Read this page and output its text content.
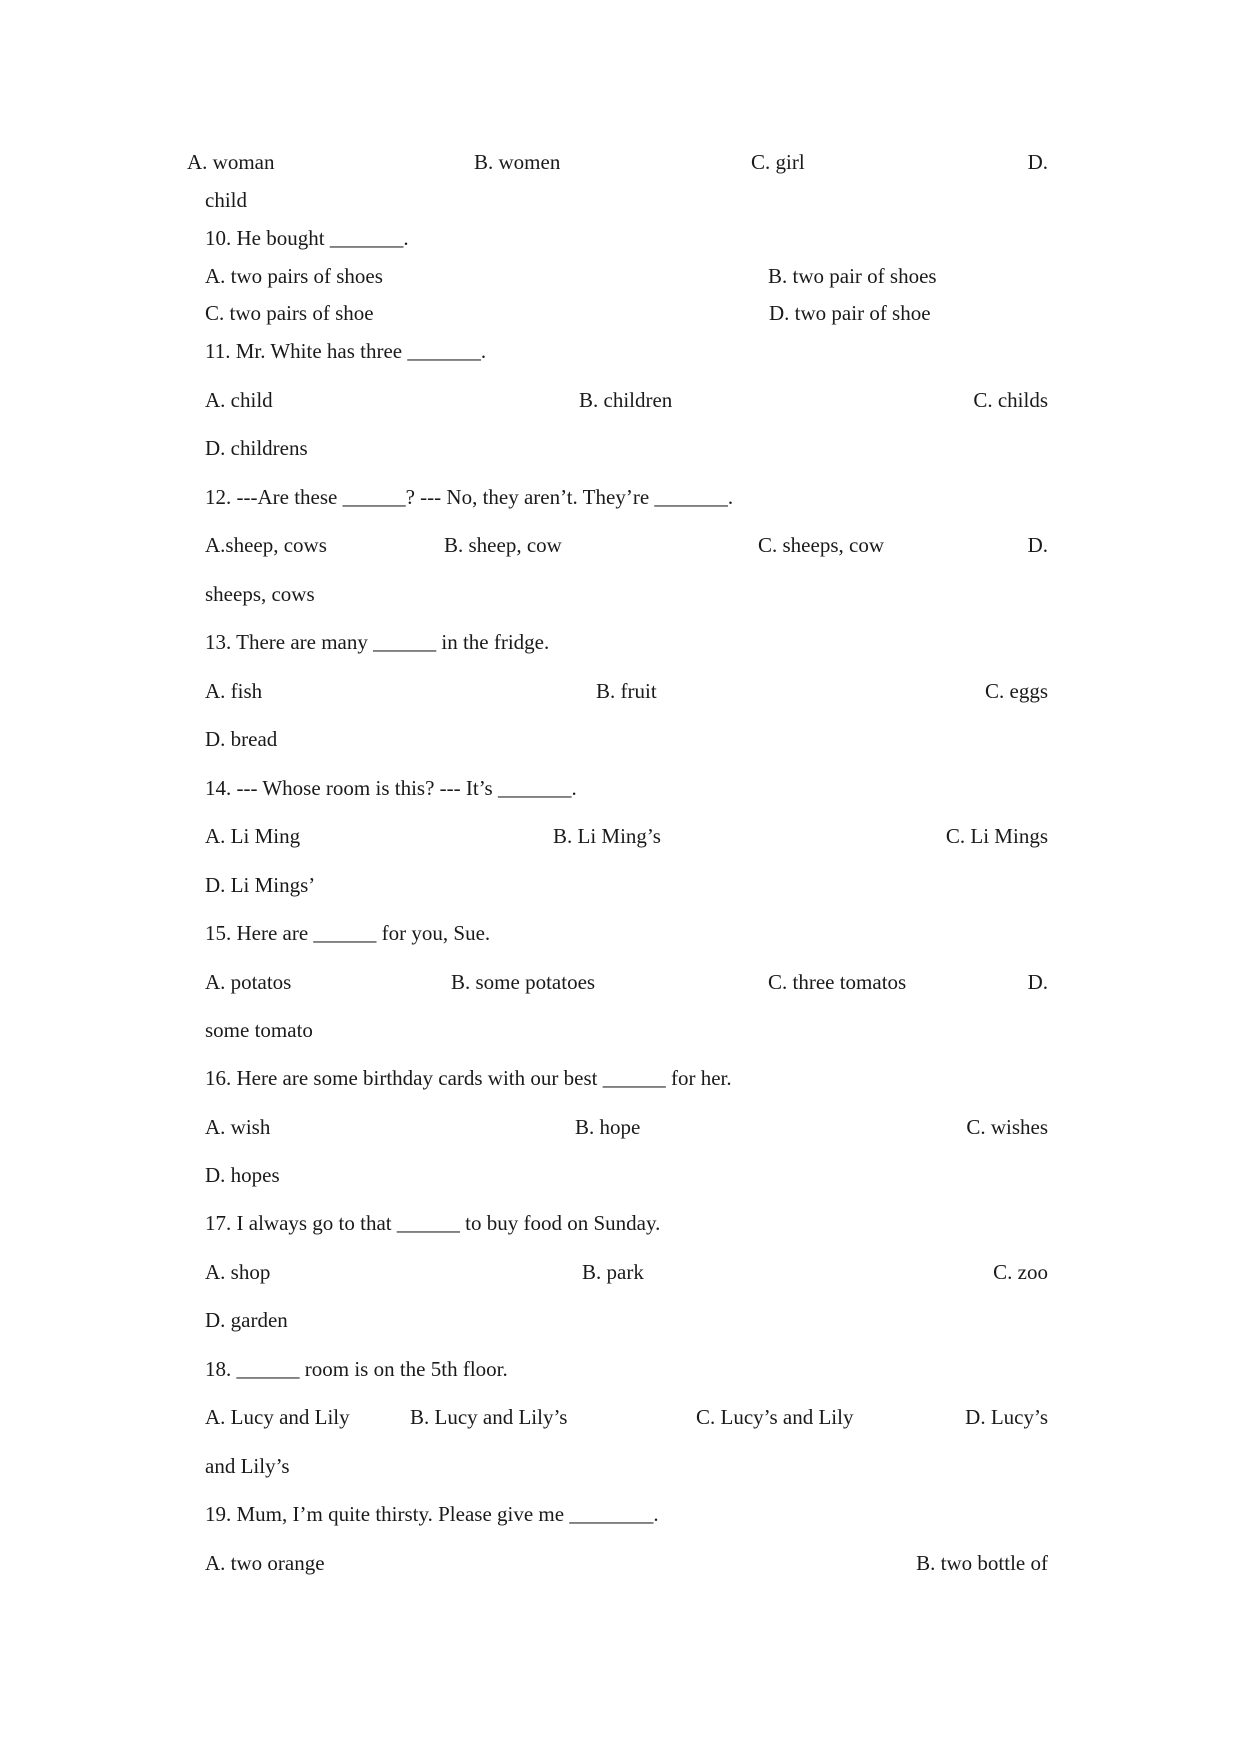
A. woman	B. women	C. girl	D.
child
10. He bought _______.
A. two pairs of shoes	B. two pair of shoes
C. two pairs of shoe	D. two pair of shoe
11. Mr. White has three _______.
A. child	B. children	C. childs
D. childrens
12. ---Are these ______? --- No, they aren’t. They’re _______.
A.sheep, cows	B. sheep, cow	C. sheeps, cow	D.
sheeps, cows
13. There are many ______ in the fridge.
A. fish	B. fruit	C. eggs
D. bread
14. --- Whose room is this? --- It’s _______.
A. Li Ming	B. Li Ming’s	C. Li Mings
D. Li Mings’
15. Here are ______ for you, Sue.
A. potatos	B. some potatoes	C. three tomatos	D.
some tomato
16. Here are some birthday cards with our best ______ for her.
A. wish	B. hope	C. wishes
D. hopes
17. I always go to that ______ to buy food on Sunday.
A. shop	B. park	C. zoo
D. garden
18. ______ room is on the 5th floor.
A. Lucy and Lily	B. Lucy and Lily’s	C. Lucy’s and Lily	D. Lucy’s
and Lily’s
19. Mum, I’m quite thirsty. Please give me ________.
A. two orange	B. two bottle of
